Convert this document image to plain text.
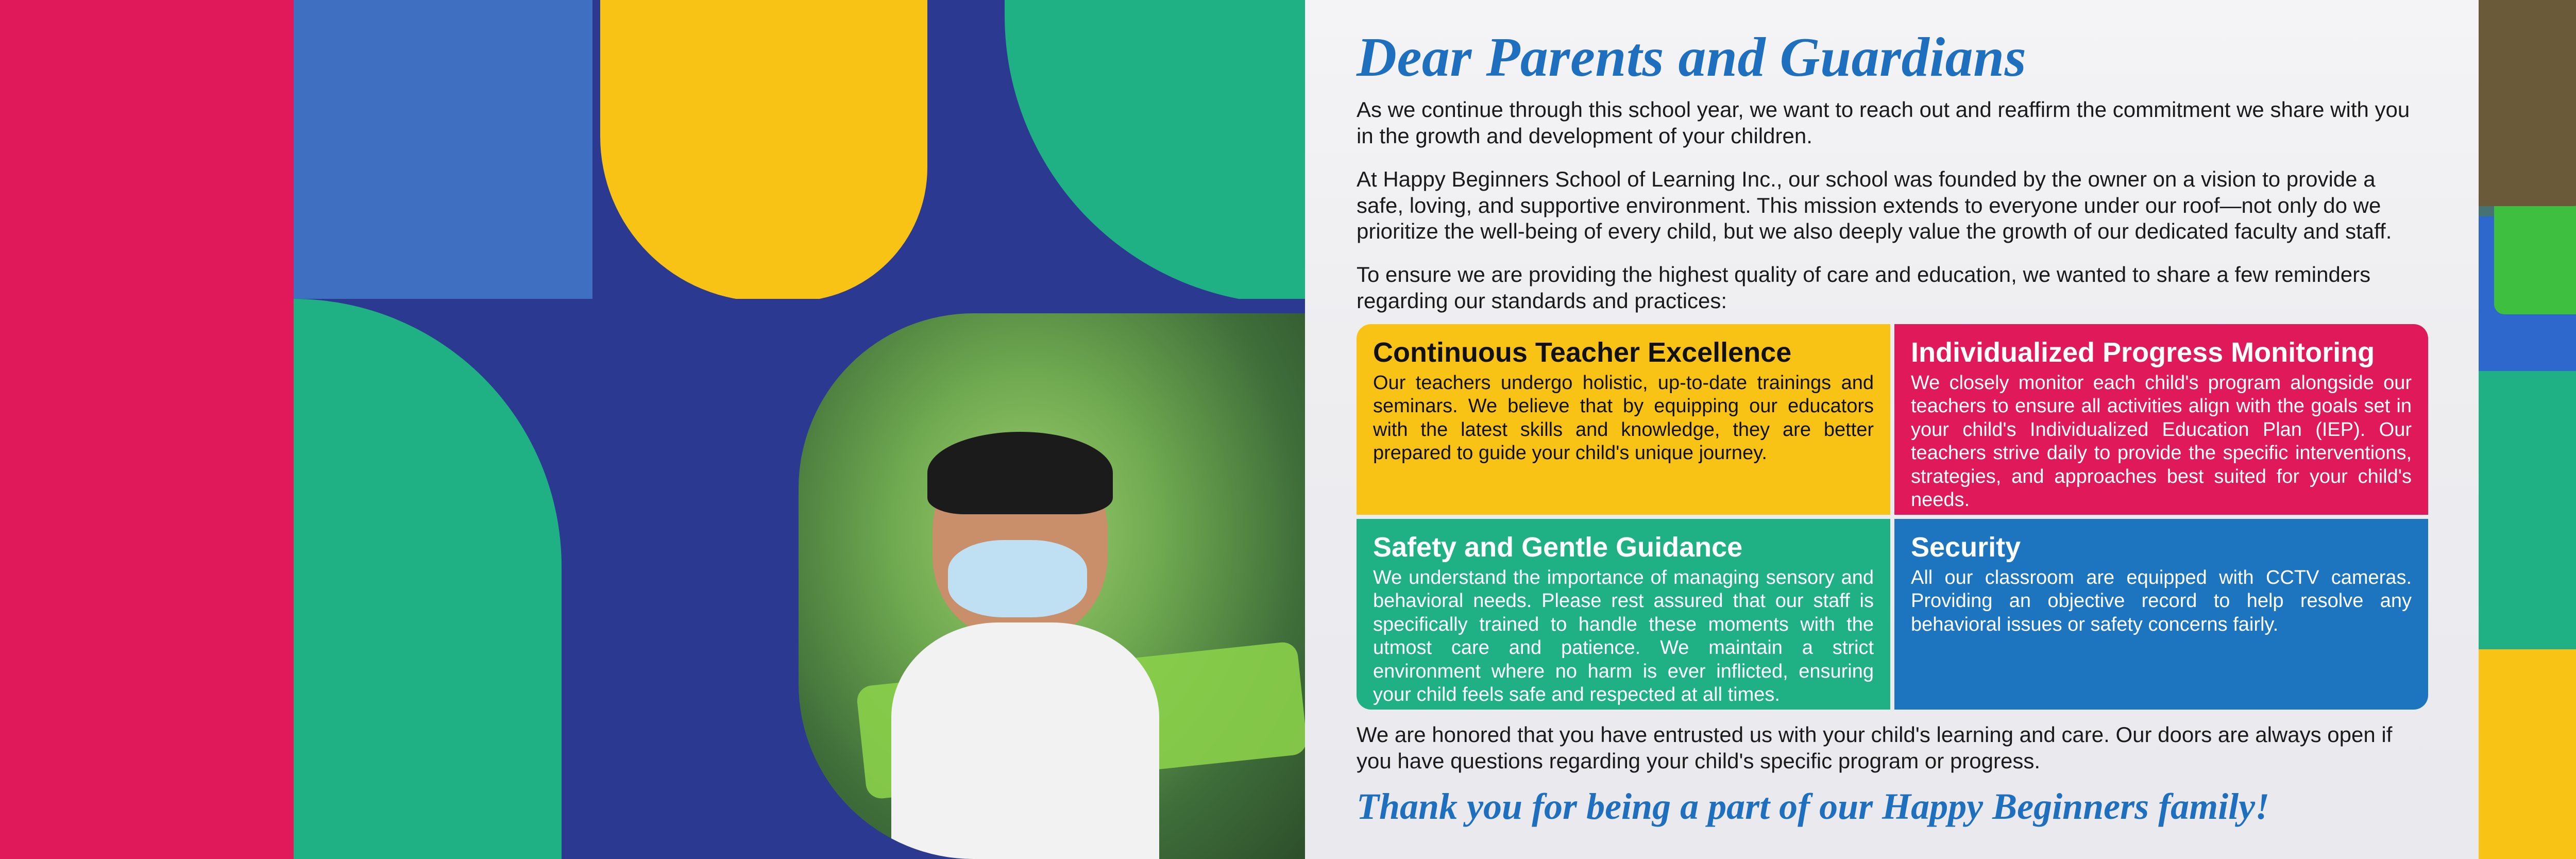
Dear Parents and Guardians

As we continue through this school year, we want to reach out and reaffirm the commitment we share with you in the growth and development of your children.

At Happy Beginners School of Learning Inc., our school was founded by the owner on a vision to provide a safe, loving, and supportive environment. This mission extends to everyone under our roof—not only do we prioritize the well-being of every child, but we also deeply value the growth of our dedicated faculty and staff.

To ensure we are providing the highest quality of care and education, we wanted to share a few reminders regarding our standards and practices:

Continuous Teacher Excellence

Our teachers undergo holistic, up-to-date trainings and seminars. We believe that by equipping our educators with the latest skills and knowledge, they are better prepared to guide your child's unique journey.

Individualized Progress Monitoring

We closely monitor each child's program alongside our teachers to ensure all activities align with the goals set in your child's Individualized Education Plan (IEP). Our teachers strive daily to provide the specific interventions, strategies, and approaches best suited for your child's needs.

Safety and Gentle Guidance

We understand the importance of managing sensory and behavioral needs. Please rest assured that our staff is specifically trained to handle these moments with the utmost care and patience. We maintain a strict environment where no harm is ever inflicted, ensuring your child feels safe and respected at all times.

Security

All our classroom are equipped with CCTV cameras. Providing an objective record to help resolve any behavioral issues or safety concerns fairly.

We are honored that you have entrusted us with your child's learning and care. Our doors are always open if you have questions regarding your child's specific program or progress.

Thank you for being a part of our Happy Beginners family!
